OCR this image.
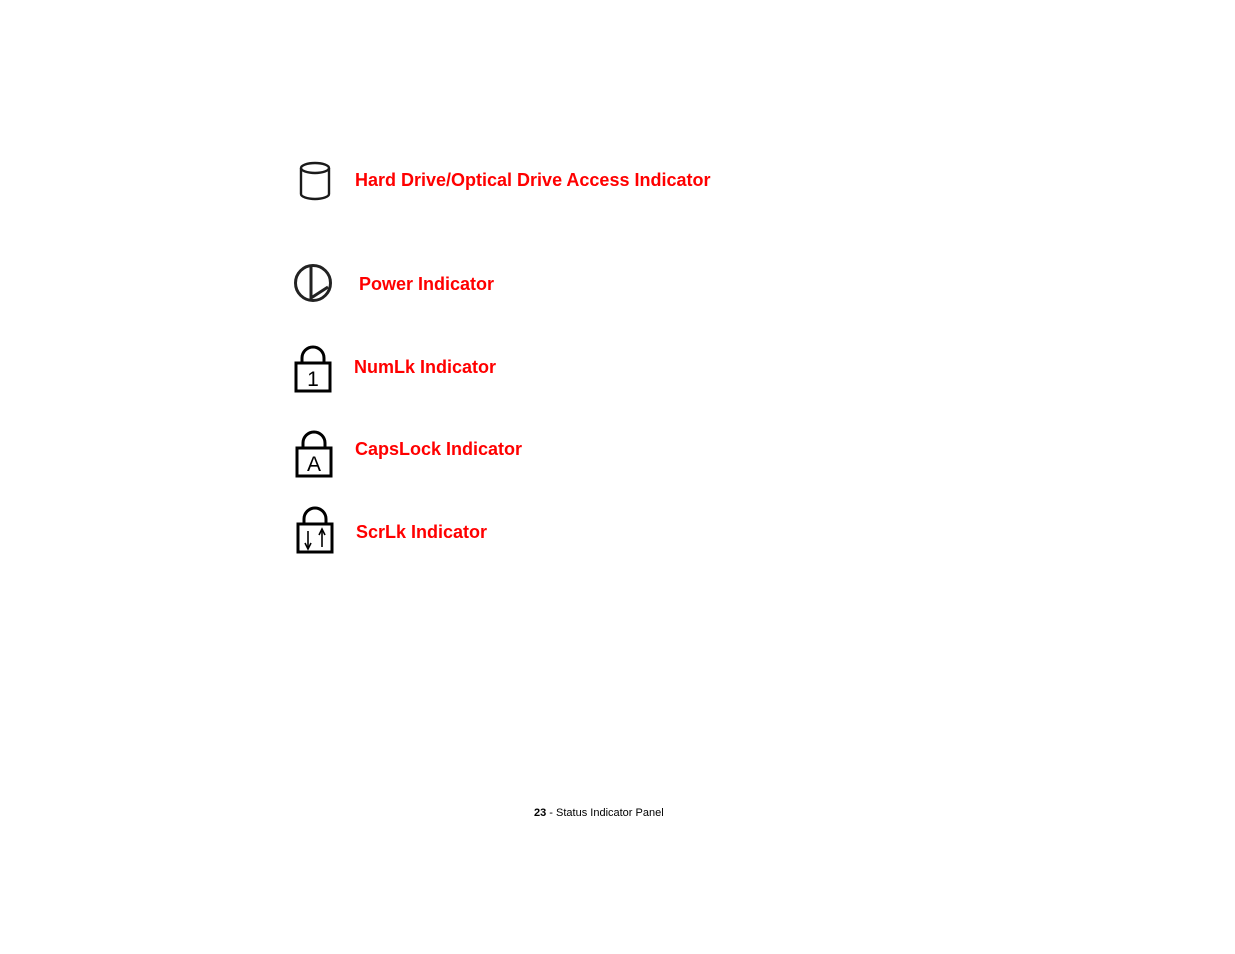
Hard Drive/Optical Drive Access Indicator
Power Indicator
1
NumLk Indicator
A
CapsLock Indicator
ScrLk Indicator
23 - Status Indicator Panel
